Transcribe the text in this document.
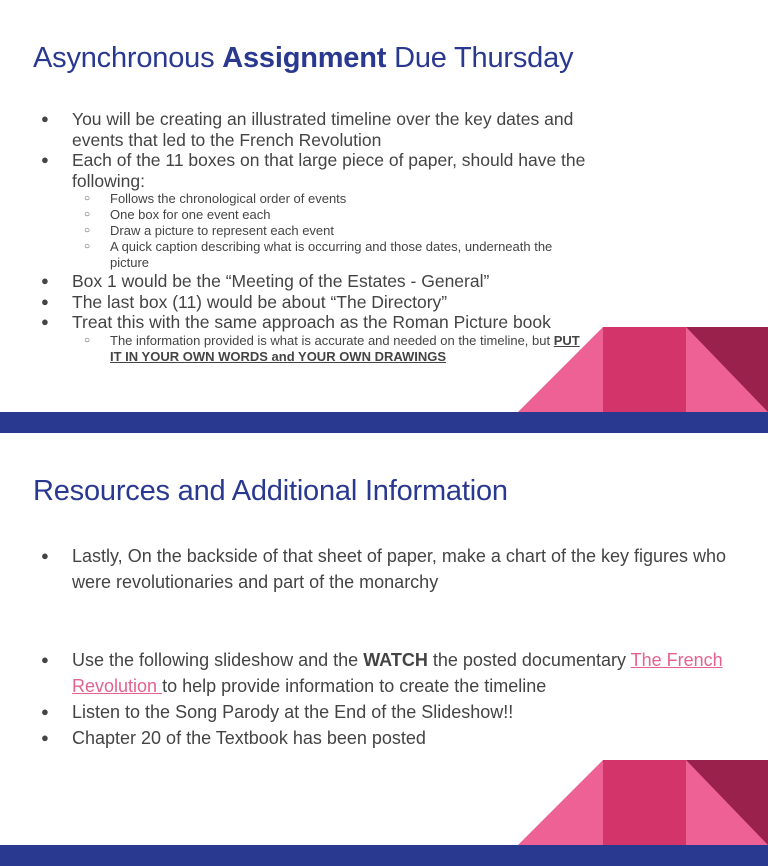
Asynchronous Assignment Due Thursday
● You will be creating an illustrated timeline over the key dates and events that led to the French Revolution
● Each of the 11 boxes on that large piece of paper, should have the following:
○ Follows the chronological order of events
○ One box for one event each
○ Draw a picture to represent each event
○ A quick caption describing what is occurring and those dates, underneath the picture
● Box 1 would be the “Meeting of the Estates - General”
● The last box (11) would be about “The Directory”
● Treat this with the same approach as the Roman Picture book
○ The information provided is what is accurate and needed on the timeline, but PUT IT IN YOUR OWN WORDS and YOUR OWN DRAWINGS
Resources and Additional Information
● Lastly, On the backside of that sheet of paper, make a chart of the key figures who were revolutionaries and part of the monarchy
● Use the following slideshow and the WATCH the posted documentary The French Revolution to help provide information to create the timeline
● Listen to the Song Parody at the End of the Slideshow!!
● Chapter 20 of the Textbook has been posted
